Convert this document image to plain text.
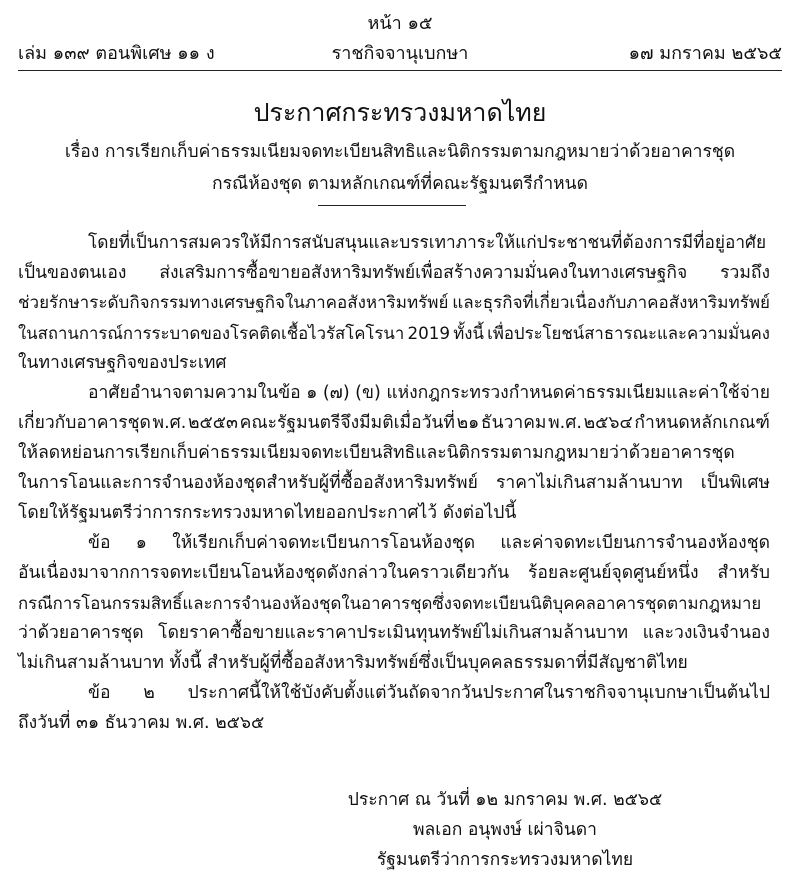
หน้า ๑๕
เล่ม ๑๓๙ ตอนพิเศษ ๑๑ ง	ราชกิจจานุเบกษา	๑๗ มกราคม ๒๕๖๕
ประกาศกระทรวงมหาดไทย
เรื่อง การเรียกเก็บค่าธรรมเนียมจดทะเบียนสิทธิและนิติกรรมตามกฎหมายว่าด้วยอาคารชุด
กรณีห้องชุด ตามหลักเกณฑ์ที่คณะรัฐมนตรีกำหนด
โดยที่เป็นการสมควรให้มีการสนับสนุนและบรรเทาภาระให้แก่ประชาชนที่ต้องการมีที่อยู่อาศัย
เป็นของตนเอง ส่งเสริมการซื้อขายอสังหาริมทรัพย์เพื่อสร้างความมั่นคงในทางเศรษฐกิจ รวมถึง
ช่วยรักษาระดับกิจกรรมทางเศรษฐกิจในภาคอสังหาริมทรัพย์ และธุรกิจที่เกี่ยวเนื่องกับภาคอสังหาริมทรัพย์
ในสถานการณ์การระบาดของโรคติดเชื้อไวรัสโคโรนา 2019 ทั้งนี้ เพื่อประโยชน์สาธารณะและความมั่นคง
ในทางเศรษฐกิจของประเทศ
อาศัยอำนาจตามความในข้อ ๑ (๗) (ข) แห่งกฎกระทรวงกำหนดค่าธรรมเนียมและค่าใช้จ่าย
เกี่ยวกับอาคารชุด พ.ศ. ๒๕๕๓ คณะรัฐมนตรีจึงมีมติเมื่อวันที่ ๒๑ ธันวาคม พ.ศ. ๒๕๖๔ กำหนดหลักเกณฑ์
ให้ลดหย่อนการเรียกเก็บค่าธรรมเนียมจดทะเบียนสิทธิและนิติกรรมตามกฎหมายว่าด้วยอาคารชุด
ในการโอนและการจำนองห้องชุดสำหรับผู้ที่ซื้ออสังหาริมทรัพย์ ราคาไม่เกินสามล้านบาท เป็นพิเศษ
โดยให้รัฐมนตรีว่าการกระทรวงมหาดไทยออกประกาศไว้ ดังต่อไปนี้
ข้อ ๑ ให้เรียกเก็บค่าจดทะเบียนการโอนห้องชุด และค่าจดทะเบียนการจำนองห้องชุด
อันเนื่องมาจากการจดทะเบียนโอนห้องชุดดังกล่าวในคราวเดียวกัน ร้อยละศูนย์จุดศูนย์หนึ่ง สำหรับ
กรณีการโอนกรรมสิทธิ์และการจำนองห้องชุดในอาคารชุดซึ่งจดทะเบียนนิติบุคคลอาคารชุดตามกฎหมาย
ว่าด้วยอาคารชุด โดยราคาซื้อขายและราคาประเมินทุนทรัพย์ไม่เกินสามล้านบาท และวงเงินจำนอง
ไม่เกินสามล้านบาท ทั้งนี้ สำหรับผู้ที่ซื้ออสังหาริมทรัพย์ซึ่งเป็นบุคคลธรรมดาที่มีสัญชาติไทย
ข้อ ๒ ประกาศนี้ให้ใช้บังคับตั้งแต่วันถัดจากวันประกาศในราชกิจจานุเบกษาเป็นต้นไป
ถึงวันที่ ๓๑ ธันวาคม พ.ศ. ๒๕๖๕
ประกาศ ณ วันที่ ๑๒ มกราคม พ.ศ. ๒๕๖๕
พลเอก อนุพงษ์ เผ่าจินดา
รัฐมนตรีว่าการกระทรวงมหาดไทย
